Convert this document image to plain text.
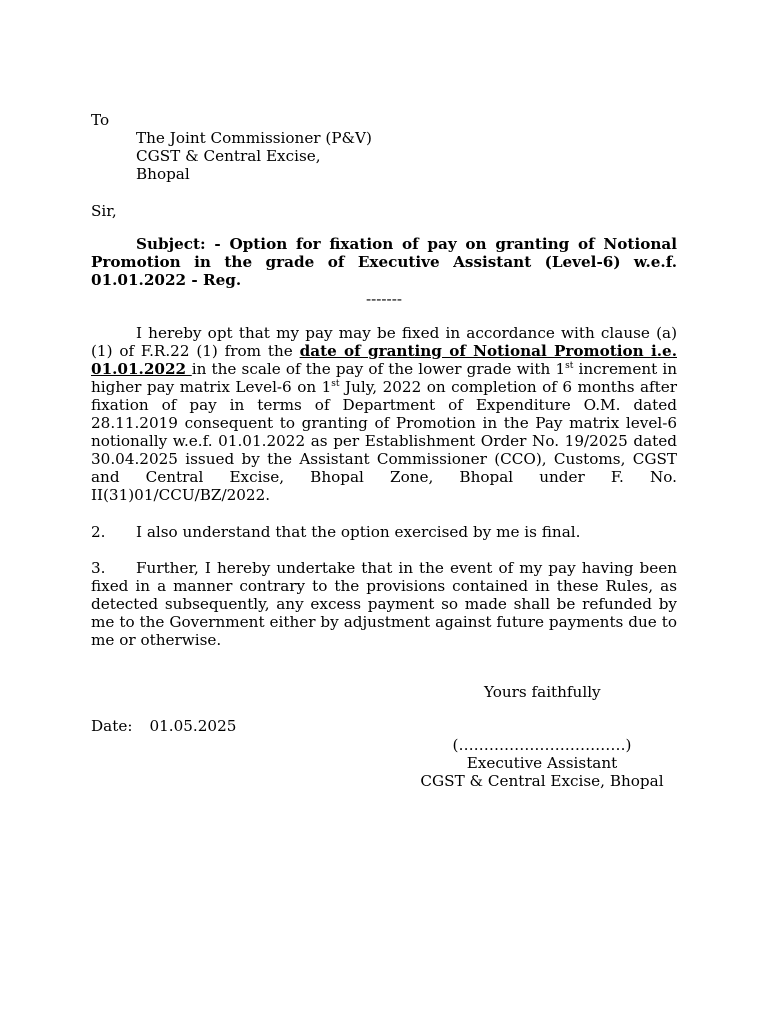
To
The Joint Commissioner (P&V)
CGST & Central Excise,
Bhopal
Sir,
Subject: - Option for fixation of pay on granting of Notional Promotion in the grade of Executive Assistant (Level-6) w.e.f. 01.01.2022 - Reg.
-------
I hereby opt that my pay may be fixed in accordance with clause (a) (1) of F.R.22 (1) from the date of granting of Notional Promotion i.e. 01.01.2022 in the scale of the pay of the lower grade with 1st increment in higher pay matrix Level-6 on 1st July, 2022 on completion of 6 months after fixation of pay in terms of Department of Expenditure O.M. dated 28.11.2019 consequent to granting of Promotion in the Pay matrix level-6 notionally w.e.f. 01.01.2022 as per Establishment Order No. 19/2025 dated 30.04.2025 issued by the Assistant Commissioner (CCO), Customs, CGST and Central Excise, Bhopal Zone, Bhopal under F. No. II(31)01/CCU/BZ/2022.
2. I also understand that the option exercised by me is final.
3. Further, I hereby undertake that in the event of my pay having been fixed in a manner contrary to the provisions contained in these Rules, as detected subsequently, any excess payment so made shall be refunded by me to the Government either by adjustment against future payments due to me or otherwise.
Yours faithfully
Date: 01.05.2025
(……………………………)
Executive Assistant
CGST & Central Excise, Bhopal
